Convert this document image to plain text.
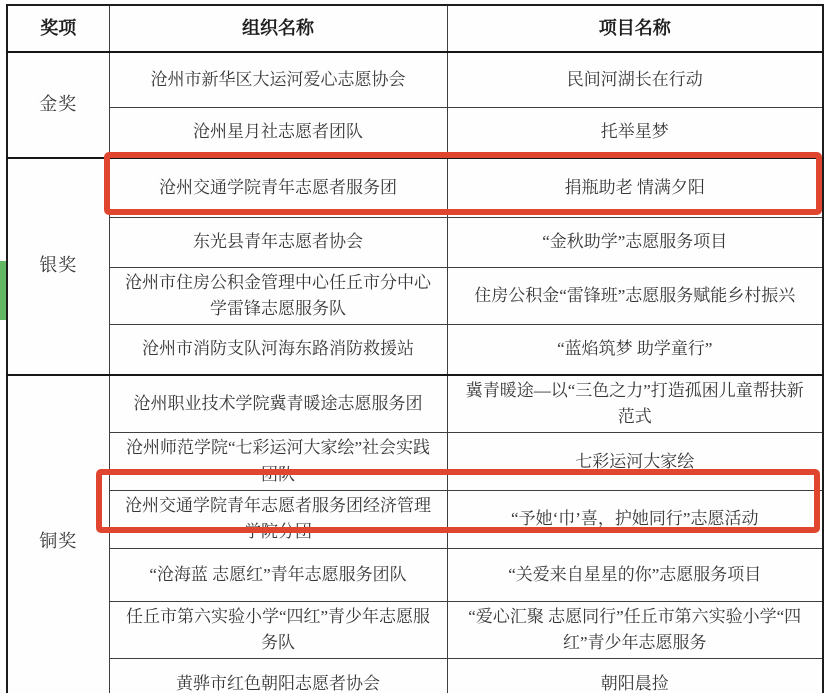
奖项	组织名称	项目名称
金奖	沧州市新华区大运河爱心志愿协会	民间河湖长在行动
	沧州星月社志愿者团队	托举星梦
银奖	沧州交通学院青年志愿者服务团	捐瓶助老 情满夕阳
	东光县青年志愿者协会	“金秋助学”志愿服务项目
	沧州市住房公积金管理中心任丘市分中心学雷锋志愿服务队	住房公积金“雷锋班”志愿服务赋能乡村振兴
	沧州市消防支队河海东路消防救援站	“蓝焰筑梦 助学童行”
铜奖	沧州职业技术学院冀青暖途志愿服务团	冀青暖途—以“三色之力”打造孤困儿童帮扶新范式
	沧州师范学院“七彩运河大家绘”社会实践团队	七彩运河大家绘
	沧州交通学院青年志愿者服务团经济管理学院分团	“予她‘巾’喜，护她同行”志愿活动
	“沧海蓝 志愿红”青年志愿服务团队	“关爱来自星星的你”志愿服务项目
	任丘市第六实验小学“四红”青少年志愿服务队	“爱心汇聚 志愿同行”任丘市第六实验小学“四红”青少年志愿服务
	黄骅市红色朝阳志愿者协会	朝阳晨捡
